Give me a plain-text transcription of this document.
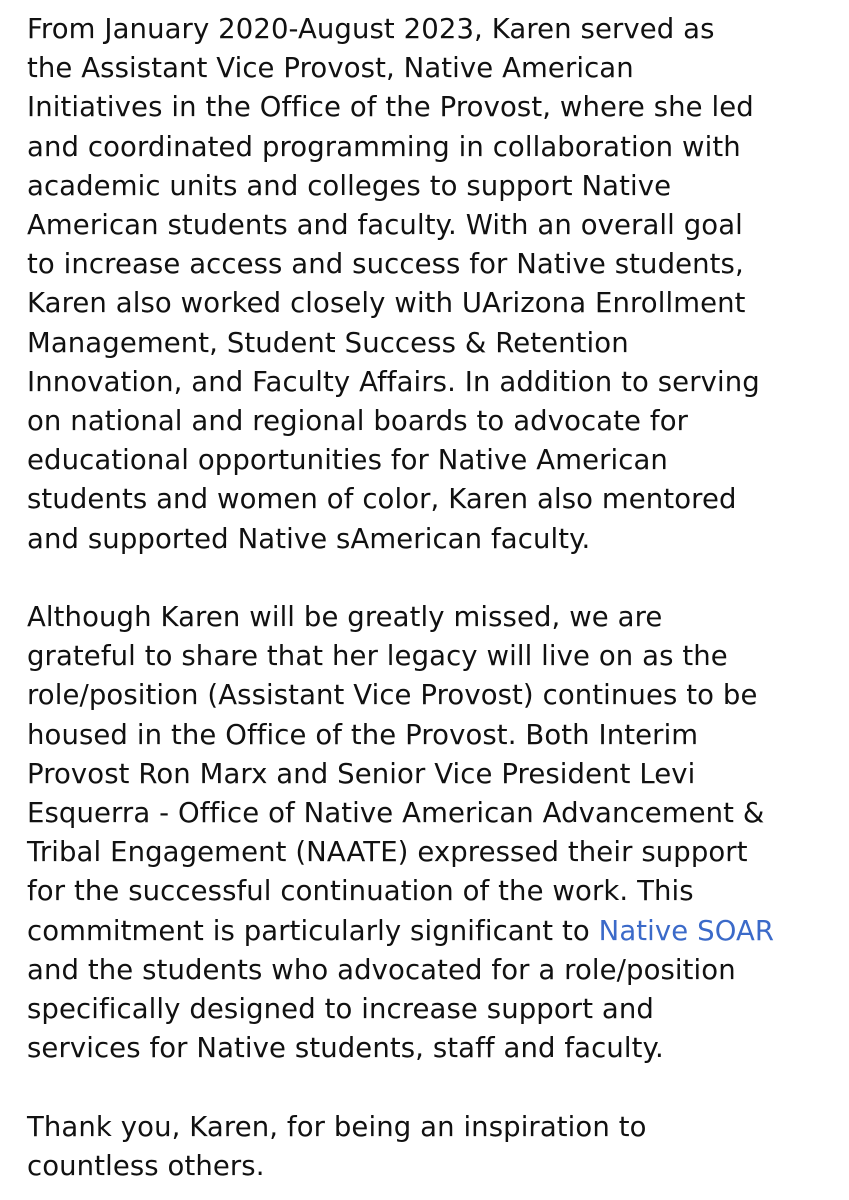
From January 2020-August 2023, Karen served as
the Assistant Vice Provost, Native American
Initiatives in the Office of the Provost, where she led
and coordinated programming in collaboration with
academic units and colleges to support Native
American students and faculty. With an overall goal
to increase access and success for Native students,
Karen also worked closely with UArizona Enrollment
Management, Student Success & Retention
Innovation, and Faculty Affairs. In addition to serving
on national and regional boards to advocate for
educational opportunities for Native American
students and women of color, Karen also mentored
and supported Native sAmerican faculty.

Although Karen will be greatly missed, we are
grateful to share that her legacy will live on as the
role/position (Assistant Vice Provost) continues to be
housed in the Office of the Provost. Both Interim
Provost Ron Marx and Senior Vice President Levi
Esquerra - Office of Native American Advancement &
Tribal Engagement (NAATE) expressed their support
for the successful continuation of the work. This
commitment is particularly significant to Native SOAR
and the students who advocated for a role/position
specifically designed to increase support and
services for Native students, staff and faculty.

Thank you, Karen, for being an inspiration to
countless others.
